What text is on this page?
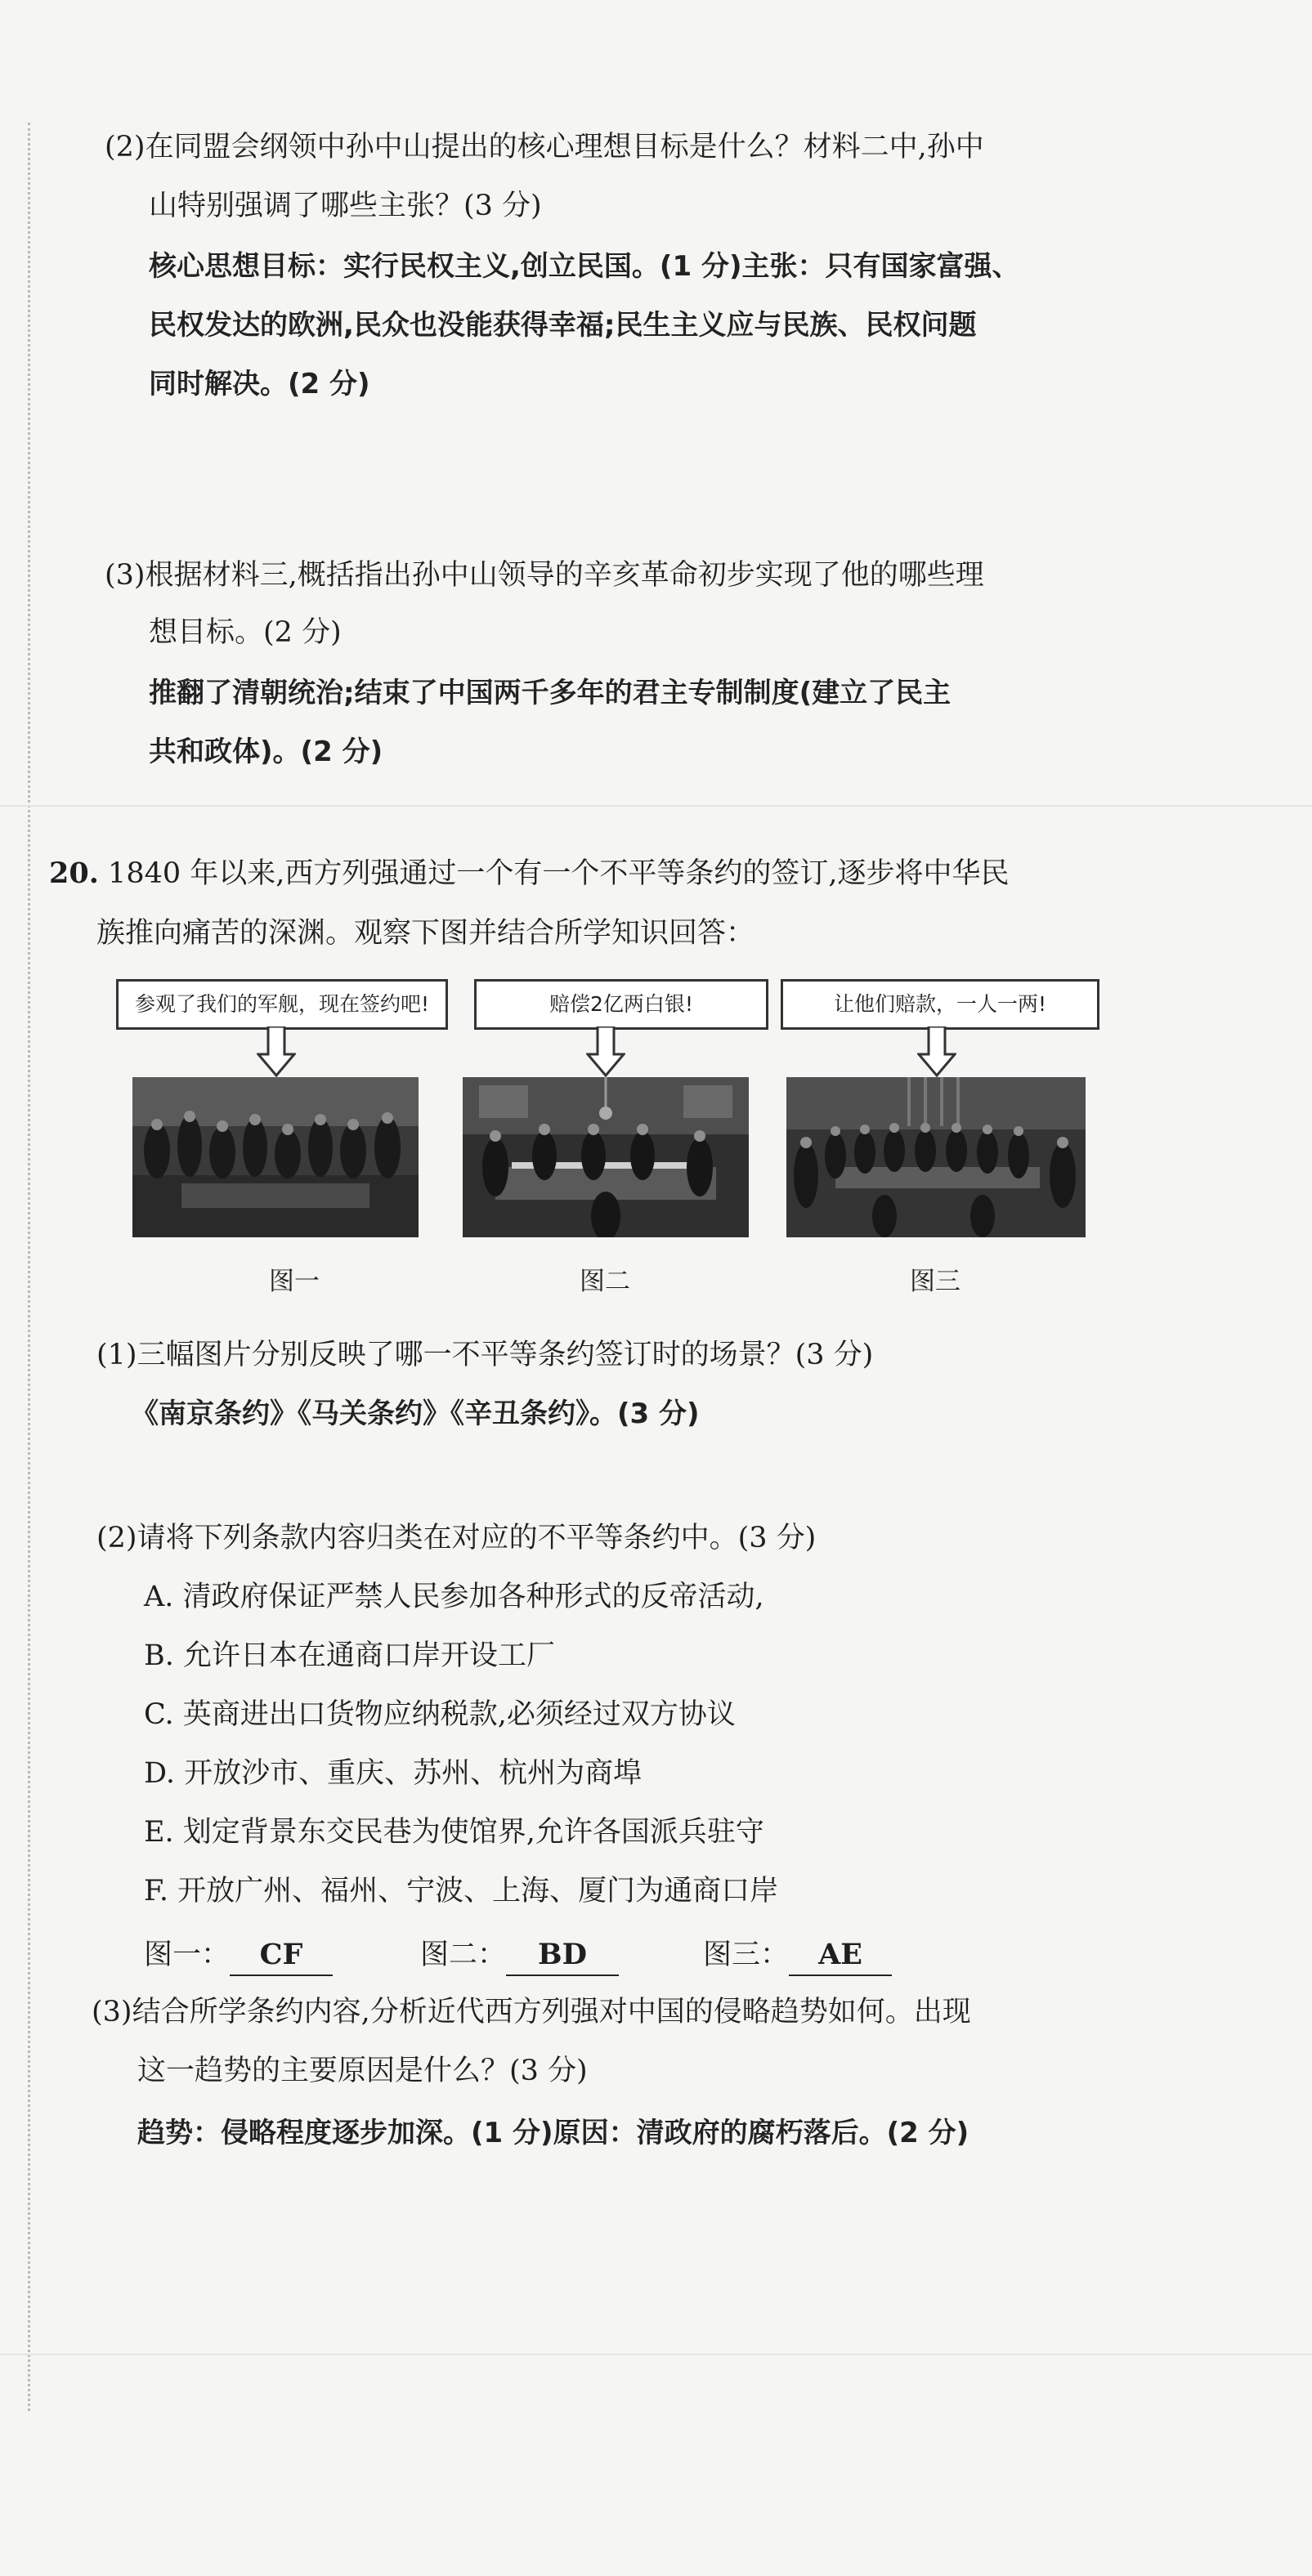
(2)在同盟会纲领中孙中山提出的核心理想目标是什么？材料二中,孙中
山特别强调了哪些主张？(3 分)
核心思想目标：实行民权主义,创立民国。(1 分)主张：只有国家富强、
民权发达的欧洲,民众也没能获得幸福;民生主义应与民族、民权问题
同时解决。(2 分)
(3)根据材料三,概括指出孙中山领导的辛亥革命初步实现了他的哪些理
想目标。(2 分)
推翻了清朝统治;结束了中国两千多年的君主专制制度(建立了民主
共和政体)。(2 分)
20. 1840 年以来,西方列强通过一个有一个不平等条约的签订,逐步将中华民
族推向痛苦的深渊。观察下图并结合所学知识回答：
参观了我们的军舰，现在签约吧!	赔偿2亿两白银!	让他们赔款，一人一两!
图一	图二	图三
(1)三幅图片分别反映了哪一不平等条约签订时的场景？(3 分)
《南京条约》《马关条约》《辛丑条约》。(3 分)
(2)请将下列条款内容归类在对应的不平等条约中。(3 分)
A. 清政府保证严禁人民参加各种形式的反帝活动,
B. 允许日本在通商口岸开设工厂
C. 英商进出口货物应纳税款,必须经过双方协议
D. 开放沙市、重庆、苏州、杭州为商埠
E. 划定背景东交民巷为使馆界,允许各国派兵驻守
F. 开放广州、福州、宁波、上海、厦门为通商口岸
图一： CF	图二： BD	图三： AE
(3)结合所学条约内容,分析近代西方列强对中国的侵略趋势如何。出现
这一趋势的主要原因是什么？(3 分)
趋势：侵略程度逐步加深。(1 分)原因：清政府的腐朽落后。(2 分)
